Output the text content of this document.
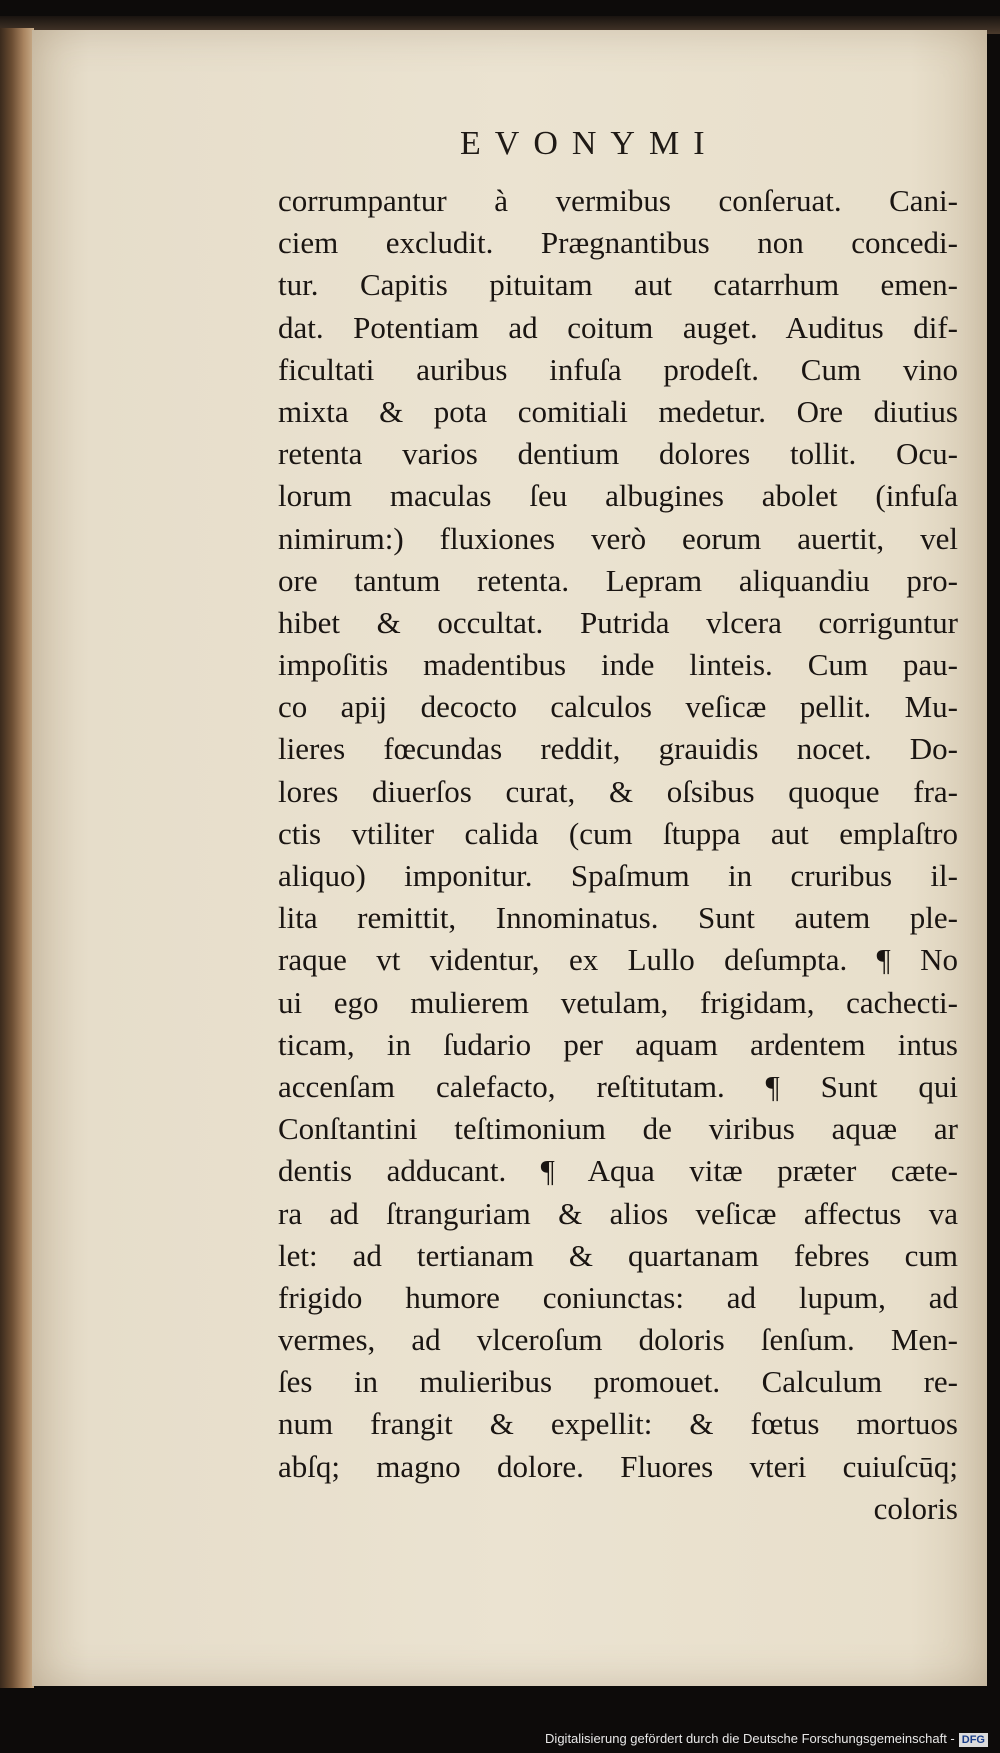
EVONYMI
corrumpantur à vermibus conſeruat. Cani-
ciem excludit. Prægnantibus non concedi-
tur. Capitis pituitam aut catarrhum emen-
dat. Potentiam ad coitum auget. Auditus dif-
ficultati auribus infuſa prodeſt. Cum vino
mixta & pota comitiali medetur. Ore diutius
retenta varios dentium dolores tollit. Ocu-
lorum maculas ſeu albugines abolet (infuſa
nimirum:) fluxiones verò eorum auertit, vel
ore tantum retenta. Lepram aliquandiu pro-
hibet & occultat. Putrida vlcera corriguntur
impoſitis madentibus inde linteis. Cum pau-
co apij decocto calculos veſicæ pellit. Mu-
lieres fœcundas reddit, grauidis nocet. Do-
lores diuerſos curat, & oſsibus quoque fra-
ctis vtiliter calida (cum ſtuppa aut emplaſtro
aliquo) imponitur. Spaſmum in cruribus il-
lita remittit, Innominatus. Sunt autem ple-
raque vt videntur, ex Lullo deſumpta. ¶ No
ui ego mulierem vetulam, frigidam, cachecti-
ticam, in ſudario per aquam ardentem intus
accenſam calefacto, reſtitutam. ¶ Sunt qui
Conſtantini teſtimonium de viribus aquæ ar
dentis adducant. ¶ Aqua vitæ præter cæte-
ra ad ſtranguriam & alios veſicæ affectus va
let: ad tertianam & quartanam febres cum
frigido humore coniunctas: ad lupum, ad
vermes, ad vlceroſum doloris ſenſum. Men-
ſes in mulieribus promouet. Calculum re-
num frangit & expellit: & fœtus mortuos
abſq; magno dolore. Fluores vteri cuiuſcūq;
coloris
Digitalisierung gefördert durch die Deutsche Forschungsgemeinschaft - DFG
